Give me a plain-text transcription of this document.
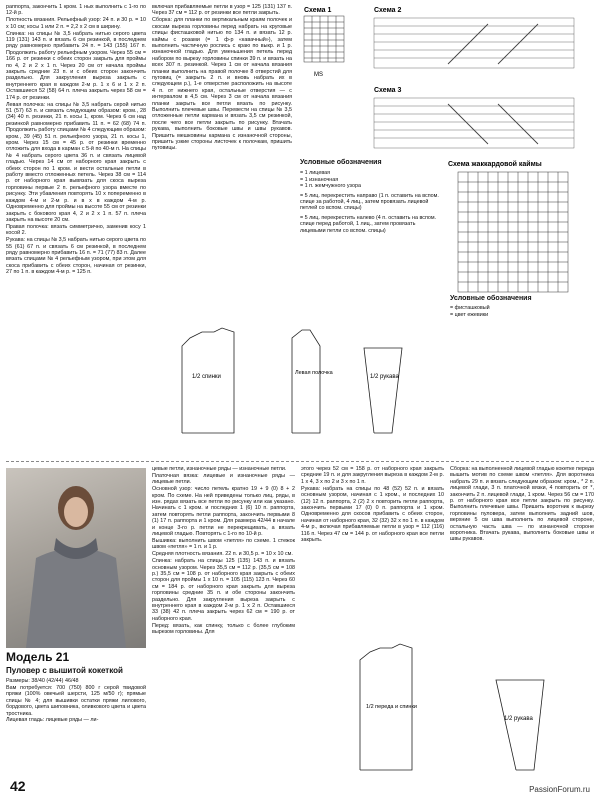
раппорта, закончить 1 кром. 1 ных выполнить с 1-го по 12-й р.

Плотность вязания. Рельефный узор: 24 п. и 30 р. = 10 х 10 см; косы 1 или 2 п. = 2,2 х 2 см в ширину.

Спинка: на спицы № 3,5 набрать нитью серого цвета 119 (131) 143 п. и вязать 6 см резинкой, в последнем ряду равномерно прибавить 24 п. = 143 (155) 167 п. Продолжить работу рельефным узором. Через 55 см = 166 р. от резинки с обеих сторон закрыть для проймы по 4, 2 и 2 х 1 п. Через 20 см от начала проймы закрыть средние 23 п. и с обеих сторон закончить раздельно. Для закругления выреза закрыть с внутреннего края в каждом 2-м р. 1 х 6 и 1 х 2 п. Оставшиеся 52 (58) 64 п. плеча закрыть через 58 см = 174 р. от резинки.

Левая полочка: на спицы № 3,5 набрать серой нитью 51 (57) 63 п. и связать следующим образом: кром., 28 (34) 40 п. резинки, 21 п. косы 1, кром. Через 6 см над резинкой равномерно прибавить 11 п. = 62 (68) 74 п. Продолжить работу спицами № 4 следующим образом: кром., 39 (45) 51 п. рельефного узора, 21 п. косы 1, кром. Через 15 см = 45 р. от резинки временно отложить для входа в карман с 5-й по 40-м п. На спицы № 4 набрать серого цвета 36 п. и связать лицевой гладью. Через 14 см от наборного края закрыть с обеих сторон по 1 кром. и вести остальные петли в работу вместо отложенных петель. Через 38 см = 114 р. от наборного края вывязать для скоса выреза горловины первые 2 п. рельефного узора вместе по рисунку. Эти убавления повторять 10 х попеременно в каждом 4-м и 2-м р. и в х в каждом 4-м р. Одновременно для проймы на высоте 55 см от резинки закрыть с бокового края 4, 2 и 2 х 1 п. 57 п. плеча закрыть на высоте 20 см.

Правая полочка: вязать симметрично, заменив косу 1 косой 2.

Рукава: на спицы № 3,5 набрать нитью серого цвета по 55 (61) 67 п. и связать 6 см резинкой, в последнем ряду равномерно прибавить 16 п. = 71 (77) 83 п. Далее вязать спицами № 4 рельефным узором, при этом для скоса прибавить с обеих сторон, начиная от резинки, 27 по 1 п. в каждом 4-м р. = 125 п.

включая прибавляемые петли в узор = 125 (131) 137 п. Через 37 см = 112 р. от резинки все петли закрыть.

Сборка: для планки по вертикальным краям полочек и скосам выреза горловины перед набрать на круговые спицы фисташковой нитью по 134 п. и вязать 12 р. каймы с розами (= 1 ф-р «кавачный»), затем выполнить частичную роспись с краю по выкр. и 1 р. изнаночной гладью. Для уменьшения петель перед набором по вырезу горловины спинки 39 п. и вязать на всех 307 п. резинкой. Через 1 см от начала вязания планки выполнить на правой полочке 8 отверстий для пуговиц (= закрыть 2 п. и вновь набрать их в следующем р.), 1-е отверстие расположить на высоте 4 п. от нижнего края, остальные отверстия — с интервалом в 4,5 см. Через 3 см от начала вязания планки закрыть все петли вязать по рисунку. Выполнить плечевые швы. Перевести на спицы № 3,5 отложенные петли кармана и вязать 3,5 см резинкой, после чего все петли закрыть по рисунку. Втачать рукава, выполнить боковые швы и швы рукавов. Пришить мешковины кармана с изнаночной стороны, пришить узкие стороны листочек к полочкам, пришить пуговицы.

Схема 1
MS
Схема 2
Схема 3
Схема жаккардовой каймы
Условные обозначения
= 1 лицевая
= 1 изнаночная
= 1 п. жемчужного узора
= 5 лиц. перекрестить направо (1 п. оставить на вспом. спице за работой, 4 лиц., затем провязать лицевой петлей со вспом. спицы)
= 5 лиц. перекрестить налево (4 п. оставить на вспом. спице перед работой, 1 лиц., затем провязать лицевыми петли со вспом. спицы)
Условные обозначения
= фисташковый
= цвет ежевики
1/2 спинки
Левая полочка
1/2 рукава
Модель 21
Пуловер с вышитой кокеткой

Размеры: 38/40 (42/44) 46/48

Вам потребуется: 700 (750) 800 г серой твидовой пряжи (100% овечьей шерсти, 125 м/50 г); прямые спицы № 4; для вышивки остатки пряжи лилового, бордового, цвета шиповника, оливкового цвета и цвета тростника.

Лицевая гладь: лицевые ряды — ли-

цевые петли, изнаночные ряды — изнаночные петли.

Платочная вязка: лицевые и изнаночные ряды — лицевые петли.

Основной узор: число петель кратно 19 + 9 (0) 8 + 2 кром. По схеме. На ней приведены только лиц. ряды, в изн. рядах вязать все петли по рисунку или как указано. Начинать с 1 кром. и последних 1 (6) 10 п. раппорта, затем повторять петли раппорта, закончить первыми 8 (1) 17 п. раппорта и 1 кром. Для размера 42/44 в начале и конце 3-го р. петли не перекрещивать, а вязать лицевой гладью. Повторять с 1-го по 10-й р.

Вышивка: выполнить швом «петля» по схеме. 1 стежок швом «петля» = 1 п. и 1 р.

Средняя плотность вязания. 22 п. и 30,5 р. = 10 х 10 см.

Спинка: набрать на спицы 125 (135) 143 п. и вязать основным узором. Через 35,5 см = 112 р. (35,5 см = 108 р.) 35,5 см = 108 р. от наборного края закрыть с обеих сторон для проймы 1 х 10 п. = 105 (115) 123 п. Через 60 см = 184 р. от наборного края закрыть для выреза горловины средние 35 п. и обе стороны закончить раздельно. Для закругления выреза закрыть с внутреннего края в каждом 2-м р. 1 х 2 п. Оставшиеся 33 (38) 42 п. плеча закрыть через 62 см = 190 р. от наборного края.

Перед: вязать, как спинку, только с более глубоким вырезом горловины. Для

этого через 52 см = 158 р. от наборного края закрыть средние 19 п. и для закругления выреза в каждом 2-м р. 1 х 4, 3 х по 2 и 3 х по 1 п.

Рукава: набрать на спицы по 48 (52) 52 п. и вязать основным узором, начиная с 1 кром., и последних 10 (12) 12 п. раппорта, 2 (2) 2 х повторить петли раппорта, закончить первыми 17 (0) 0 п. раппорта и 1 кром. Одновременно для скосов прибавить с обеих сторон, начиная от наборного края, 32 (32) 32 х по 1 п. в каждом 4-м р., включая прибавляемые петли в узор = 112 (116) 116 п. Через 47 см = 144 р. от наборного края все петли закрыть.

Сборка: на выполненной лицевой гладью кокетке переда вышить мотив по схеме швом «петля». Для воротника набрать 29 п. и вязать следующим образом: кром., * 2 п. лицевой глади, 3 п. платочной вязки, 4 повторить от *, закончить 2 п. лицевой глади, 1 кром. Через 56 см = 170 р. от наборного края все петли закрыть по рисунку. Выполнить плечевые швы. Пришить воротник к вырезу горловины пуловера, затем выполнить задний шов, верхние 5 см шва выполнить по лицевой стороне, остальную часть шва — по изнаночной стороне воротника. Втачать рукава, выполнить боковые швы и швы рукавов.

1/2 переда и спинки
1/2 рукава
42	PassionForum.ru
